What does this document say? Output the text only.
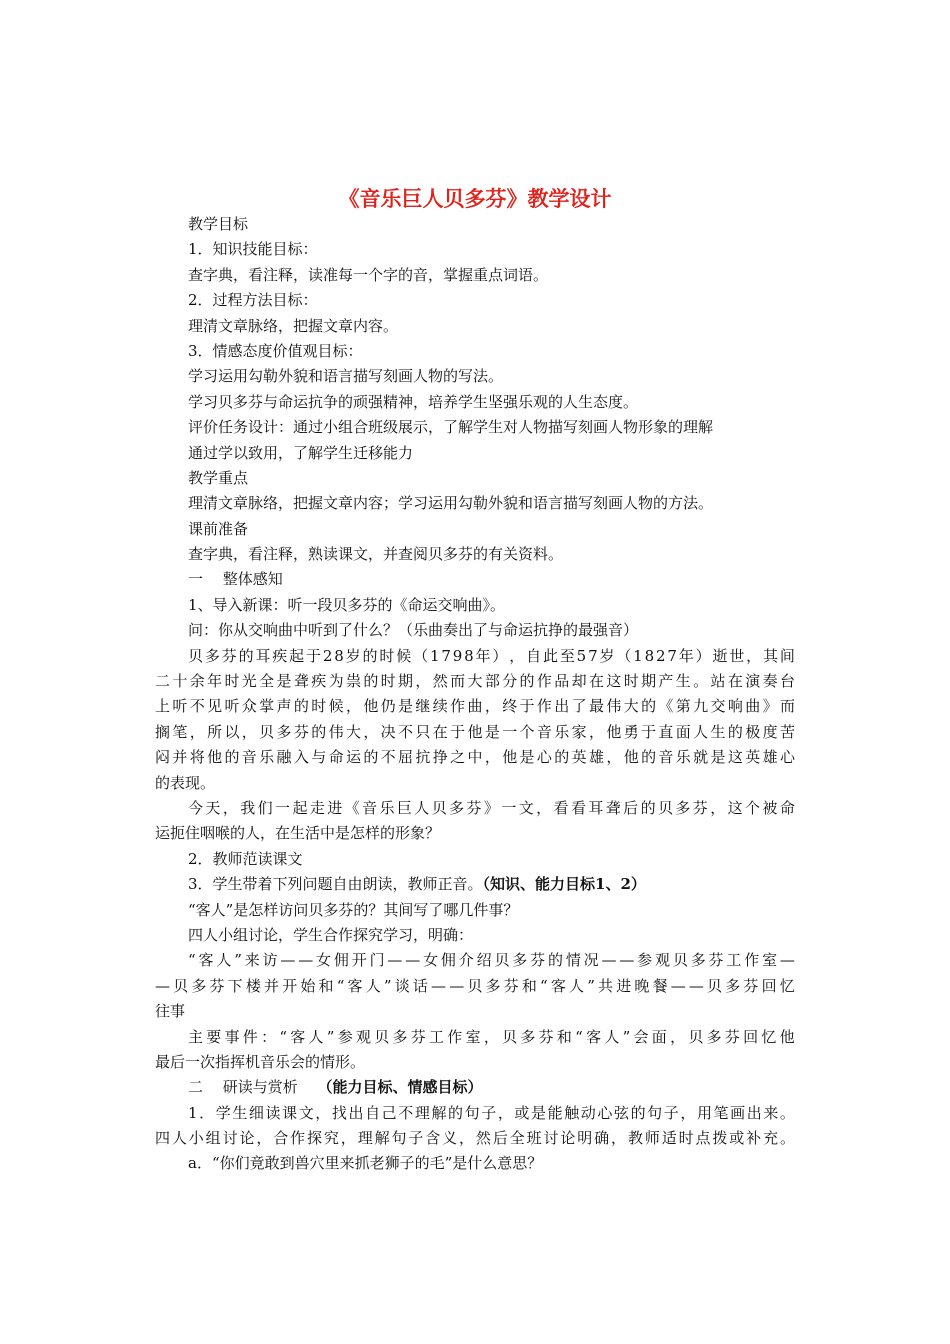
《音乐巨人贝多芬》教学设计
教学目标
1．知识技能目标：
查字典，看注释，读准每一个字的音，掌握重点词语。
2．过程方法目标：
理清文章脉络，把握文章内容。
3．情感态度价值观目标：
学习运用勾勒外貌和语言描写刻画人物的写法。
学习贝多芬与命运抗争的顽强精神，培养学生坚强乐观的人生态度。
评价任务设计：通过小组合班级展示，了解学生对人物描写刻画人物形象的理解
通过学以致用，了解学生迁移能力
教学重点
理清文章脉络，把握文章内容；学习运用勾勒外貌和语言描写刻画人物的方法。
课前准备
查字典，看注释，熟读课文，并查阅贝多芬的有关资料。
一　 整体感知
1、导入新课：听一段贝多芬的《命运交响曲》。
问：你从交响曲中听到了什么？（乐曲奏出了与命运抗挣的最强音）
贝 多 芬 的 耳 疾 起 于 2 8 岁 的 时 候 （ 1 7 9 8 年 ） ， 自 此 至 5 7 岁 （ 1 8 2 7 年 ） 逝 世 ， 其 间
二 十 余 年 时 光 全 是 聋 疾 为 祟 的 时 期 ， 然 而 大 部 分 的 作 品 却 在 这 时 期 产 生 。 站 在 演 奏 台
上 听 不 见 听 众 掌 声 的 时 候 ， 他 仍 是 继 续 作 曲 ， 终 于 作 出 了 最 伟 大 的 《 第 九 交 响 曲 》 而
搁 笔 ， 所 以 ， 贝 多 芬 的 伟 大 ， 决 不 只 在 于 他 是 一 个 音 乐 家 ， 他 勇 于 直 面 人 生 的 极 度 苦
闷 并 将 他 的 音 乐 融 入 与 命 运 的 不 屈 抗 挣 之 中 ， 他 是 心 的 英 雄 ， 他 的 音 乐 就 是 这 英 雄 心
的表现。
今 天 ， 我 们 一 起 走 进 《 音 乐 巨 人 贝 多 芬 》 一 文 ， 看 看 耳 聋 后 的 贝 多 芬 ， 这 个 被 命
运扼住咽喉的人，在生活中是怎样的形象？
2．教师范读课文
3．学生带着下列问题自由朗读，教师正音。（知识、能力目标1、2）
“客人”是怎样访问贝多芬的？其间写了哪几件事？
四人小组讨论，学生合作探究学习，明确：
“ 客 人 ” 来 访 — — 女 佣 开 门 — — 女 佣 介 绍 贝 多 芬 的 情 况 — — 参 观 贝 多 芬 工 作 室 —
— 贝 多 芬 下 楼 并 开 始 和 “ 客 人 ” 谈 话 — — 贝 多 芬 和 “ 客 人 ” 共 进 晚 餐 — — 贝 多 芬 回 忆
往事
主 要 事 件 ： “ 客 人 ” 参 观 贝 多 芬 工 作 室 ， 贝 多 芬 和 “ 客 人 ” 会 面 ， 贝 多 芬 回 忆 他
最后一次指挥机音乐会的情形。
二　 研读与赏析　 （能力目标、情感目标）
1 ． 学 生 细 读 课 文 ， 找 出 自 己 不 理 解 的 句 子 ， 或 是 能 触 动 心 弦 的 句 子 ， 用 笔 画 出 来 。
四 人 小 组 讨 论 ， 合 作 探 究 ， 理 解 句 子 含 义 ， 然 后 全 班 讨 论 明 确 ， 教 师 适 时 点 拨 或 补 充 。
a．“你们竟敢到兽穴里来抓老狮子的毛”是什么意思？
